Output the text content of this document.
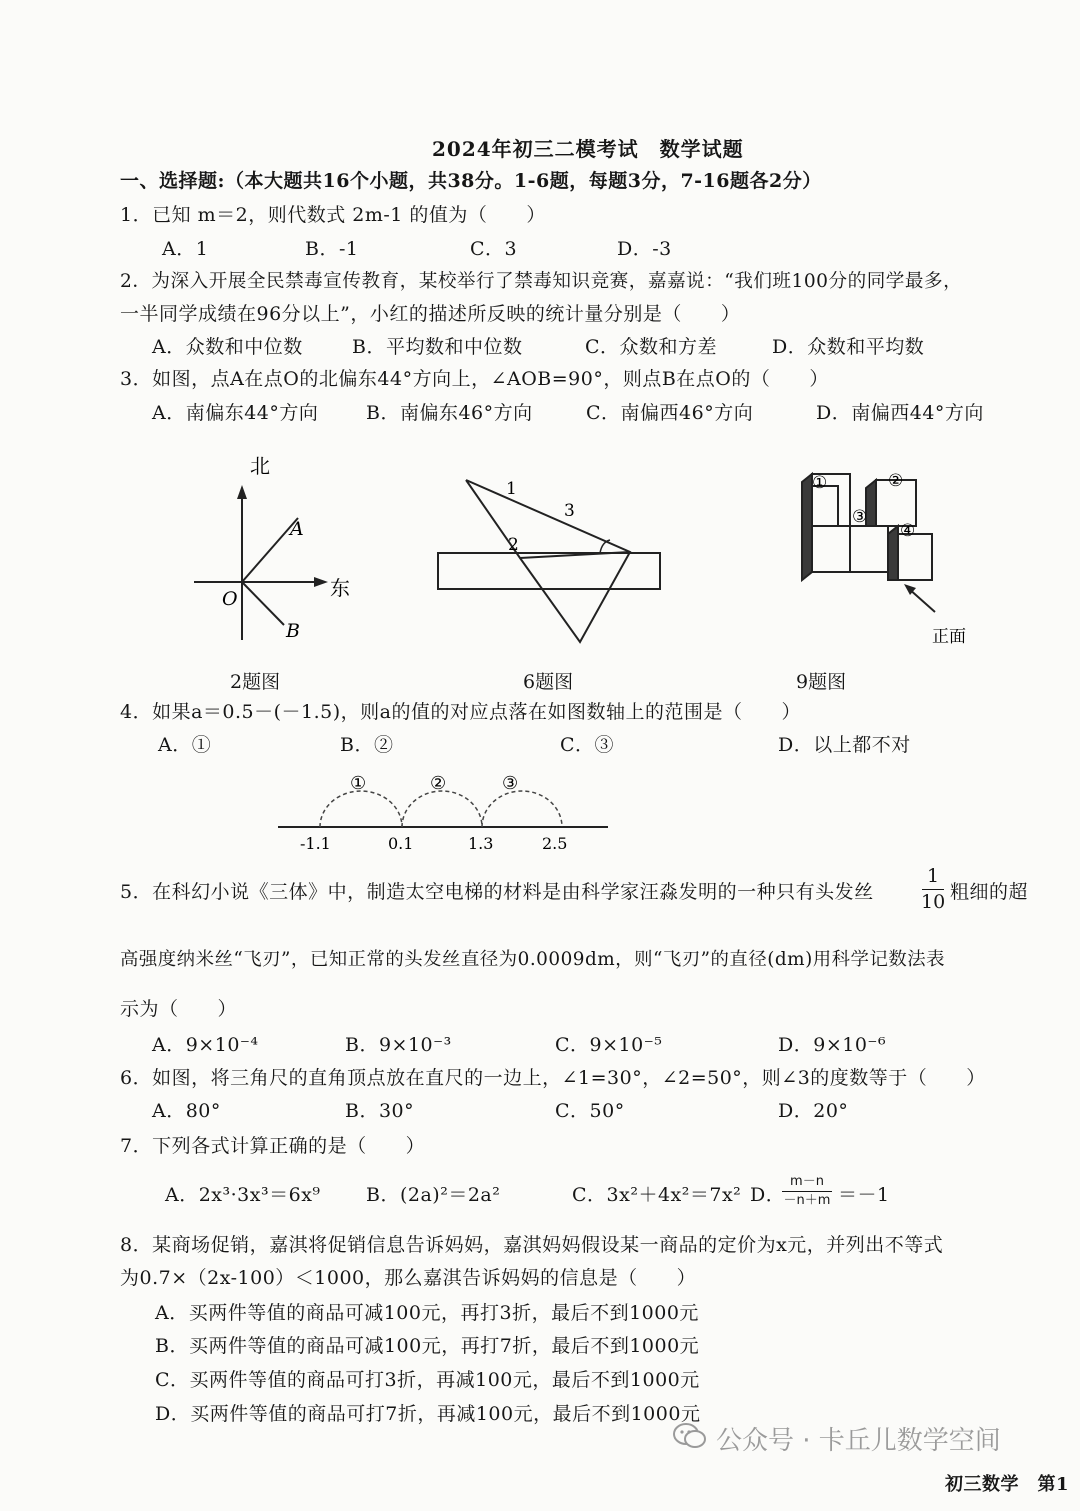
2024年初三二模考试　数学试题
一、选择题:（本大题共16个小题，共38分。1-6题，每题3分，7-16题各2分）
1．已知 m＝2，则代数式 2m-1 的值为（　　）
A．1	B．-1	C．3	D．-3
2．为深入开展全民禁毒宣传教育，某校举行了禁毒知识竞赛，嘉嘉说：“我们班100分的同学最多，
一半同学成绩在96分以上”，小红的描述所反映的统计量分别是（　　）
A．众数和中位数	B．平均数和中位数	C．众数和方差	D．众数和平均数
3．如图，点A在点O的北偏东44°方向上，∠AOB=90°，则点B在点O的（　　）
A．南偏东44°方向	B．南偏东46°方向	C．南偏西46°方向	D．南偏西44°方向
北
东
O
A
B
2题图
1
2
3
6题图
①	②
③
④
正面
9题图
4．如果a＝0.5－(－1.5)，则a的值的对应点落在如图数轴上的范围是（　　）
A．①	B．②	C．③	D．以上都不对
①	②	③
-1.1	0.1	1.3	2.5
5．在科幻小说《三体》中，制造太空电梯的材料是由科学家汪淼发明的一种只有头发丝
1
10 粗细的超
高强度纳米丝“飞刃”，已知正常的头发丝直径为0.0009dm，则“飞刃”的直径(dm)用科学记数法表
示为（　　）
A．9×10⁻⁴	B．9×10⁻³	C．9×10⁻⁵	D．9×10⁻⁶
6．如图，将三角尺的直角顶点放在直尺的一边上，∠1=30°，∠2=50°，则∠3的度数等于（　　）
A．80°	B．30°	C．50°	D．20°
7．下列各式计算正确的是（　　）
A．2x³·3x³＝6x⁹ B．(2a)²＝2a²	C．3x²＋4x²＝7x² D．
m－n
－n＋m ＝－1
8．某商场促销，嘉淇将促销信息告诉妈妈，嘉淇妈妈假设某一商品的定价为x元，并列出不等式
为0.7×（2x-100）＜1000，那么嘉淇告诉妈妈的信息是（　　）
A．买两件等值的商品可减100元，再打3折，最后不到1000元
B．买两件等值的商品可减100元，再打7折，最后不到1000元
C．买两件等值的商品可打3折，再减100元，最后不到1000元
D．买两件等值的商品可打7折，再减100元，最后不到1000元
公众号 · 卡丘儿数学空间
初三数学　第1
